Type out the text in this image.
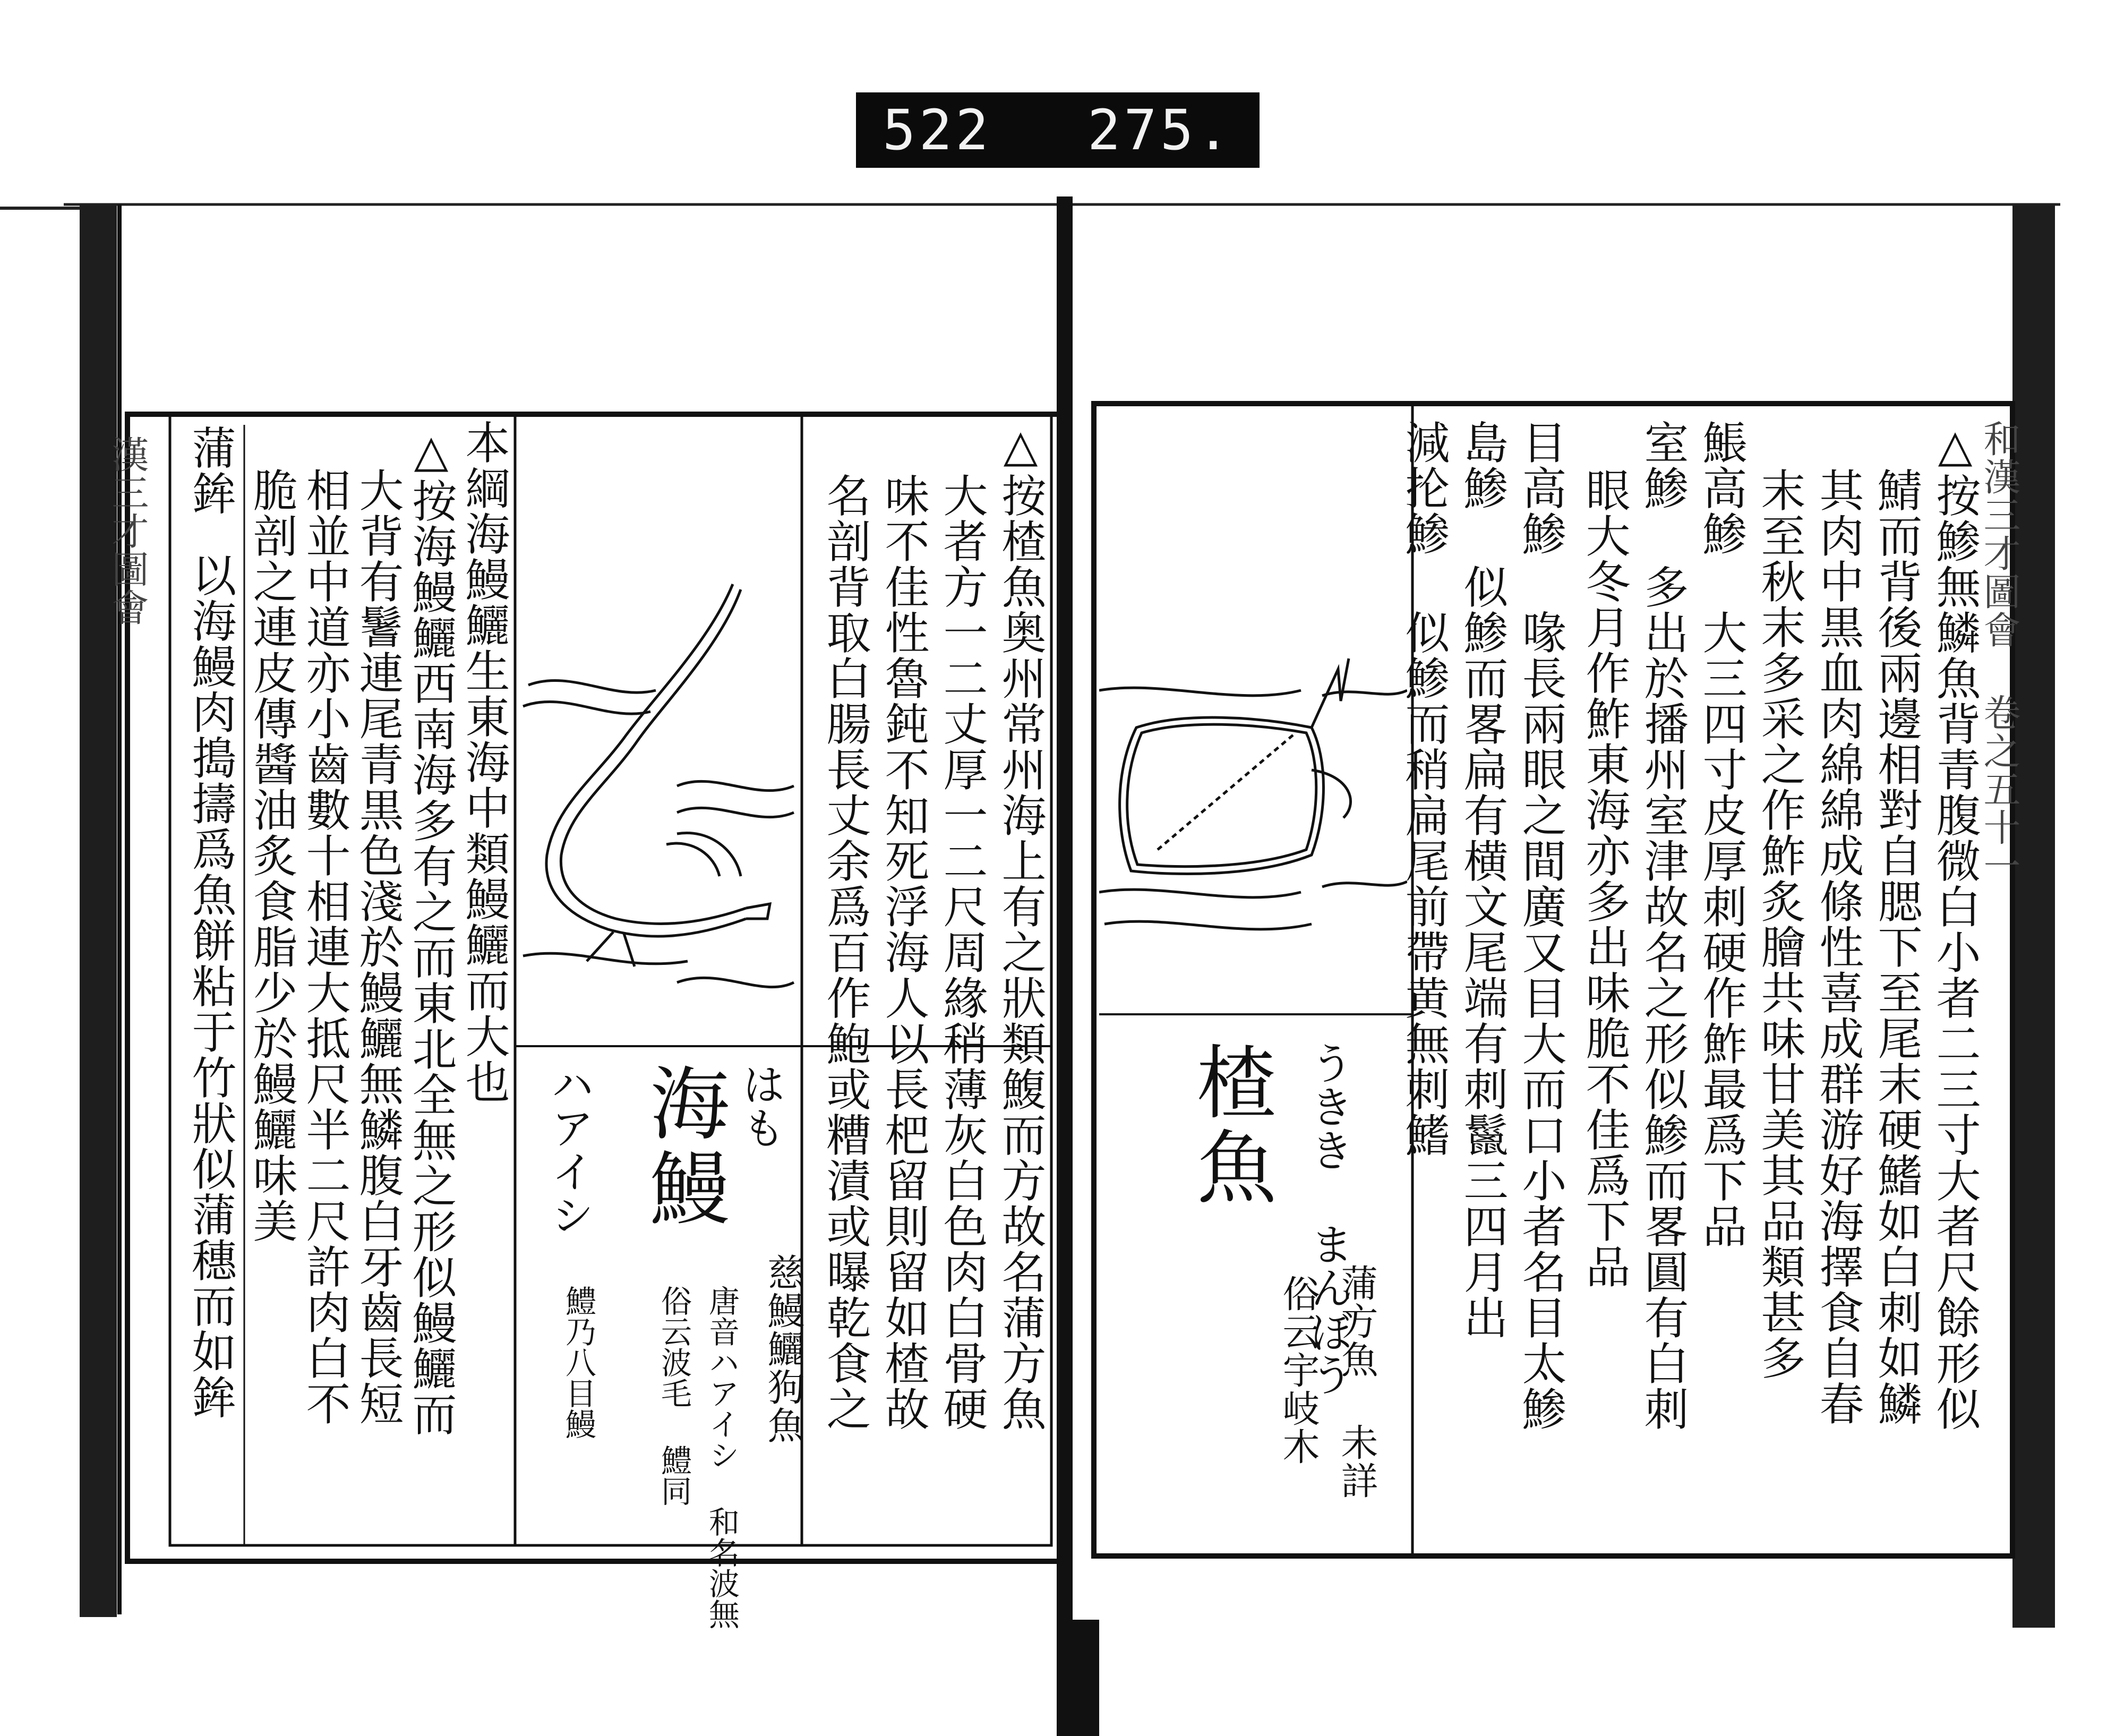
522 275.
漢三才圖會	△按楂魚奥州常州海上有之狀類鰒而方故名蒲方魚
大者方一二丈厚一二尺周緣稍薄灰白色肉白骨硬
味不佳性魯鈍不知死浮海人以長杷留則留如楂故
名剖背取白腸長丈余爲百作鮑或糟漬或曝乾食之
海鰻 はも
ハアイシ
慈鰻鱺狗魚
唐音ハアイシ 和名波無
俗云波毛 鱧同
鱧乃八目鰻
本綱海鰻鱺生東海中類鰻鱺而大也
△按海鰻鱺西南海多有之而東北全無之形似鰻鱺而
大背有鬐連尾青黒色淺於鰻鱺無鱗腹白牙齒長短
相並中道亦小齒數十相連大抵尺半二尺許肉白不
脆剖之連皮傳醬油炙食脂少於鰻鱺味美
蒲鉾
以海鰻肉搗擣爲魚餅粘于竹狀似蒲穗而如鉾	和漢三才圖會 卷之五十一
△按鯵無鱗魚背青腹微白小者二三寸大者尺餘形似
鯖而背後兩邊相對自腮下至尾末硬鰭如白刺如鱗
其肉中黒血肉綿綿成條性喜成群游好海擇食自春
末至秋末多采之作鮓炙膾共味甘美其品類甚多
𩸕高鯵 大三四寸皮厚刺硬作鮓最爲下品
室鯵 多出於播州室津故名之形似鯵而畧圓有白刺
眼大冬月作鮓東海亦多出味脆不佳爲下品
目高鯵 喙長兩眼之間廣又目大而口小者名目太鯵
島鯵 似鯵而畧扁有横文尾端有刺鬣三四月出
減抡鯵 似鯵而稍扁尾前帶黄無刺鰭
楂魚 うきき まんぼう
蒲方魚 未詳
俗云宇岐木
